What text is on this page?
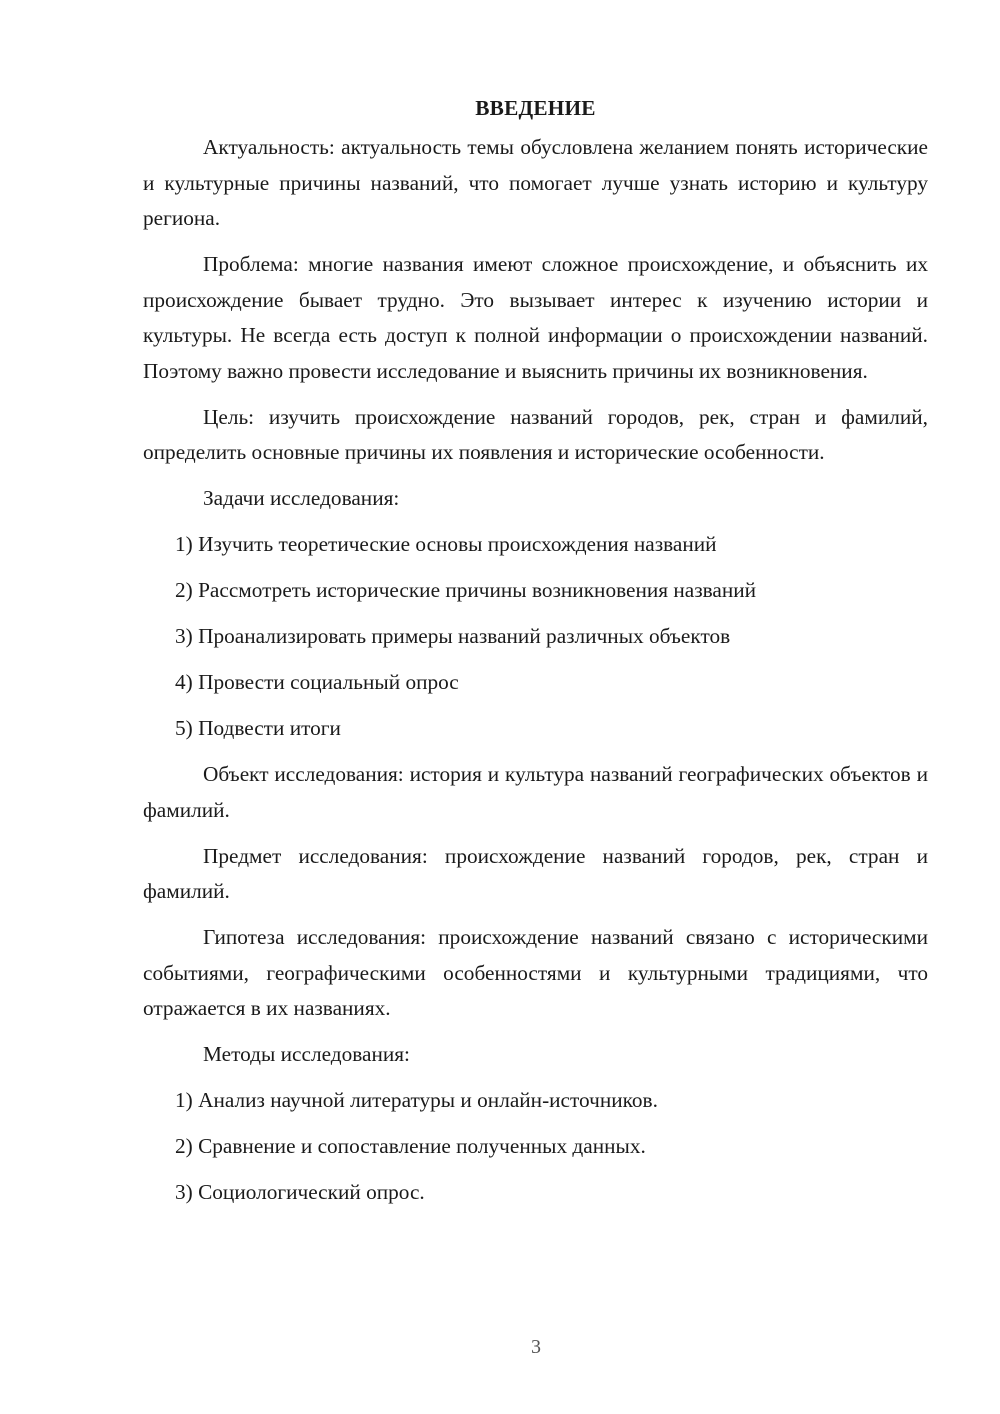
ВВЕДЕНИЕ

Актуальность: актуальность темы обусловлена желанием понять исторические и культурные причины названий, что помогает лучше узнать историю и культуру региона.

Проблема: многие названия имеют сложное происхождение, и объяснить их происхождение бывает трудно. Это вызывает интерес к изучению истории и культуры. Не всегда есть доступ к полной информации о происхождении названий. Поэтому важно провести исследование и выяснить причины их возникновения.

Цель: изучить происхождение названий городов, рек, стран и фамилий, определить основные причины их появления и исторические особенности.

Задачи исследования:

1) Изучить теоретические основы происхождения названий

2) Рассмотреть исторические причины возникновения названий

3) Проанализировать примеры названий различных объектов

4) Провести социальный опрос

5) Подвести итоги

Объект исследования: история и культура названий географических объектов и фамилий.

Предмет исследования: происхождение названий городов, рек, стран и фамилий.

Гипотеза исследования: происхождение названий связано с историческими событиями, географическими особенностями и культурными традициями, что отражается в их названиях.

Методы исследования:

1) Анализ научной литературы и онлайн-источников.

2) Сравнение и сопоставление полученных данных.

3) Социологический опрос.

3
